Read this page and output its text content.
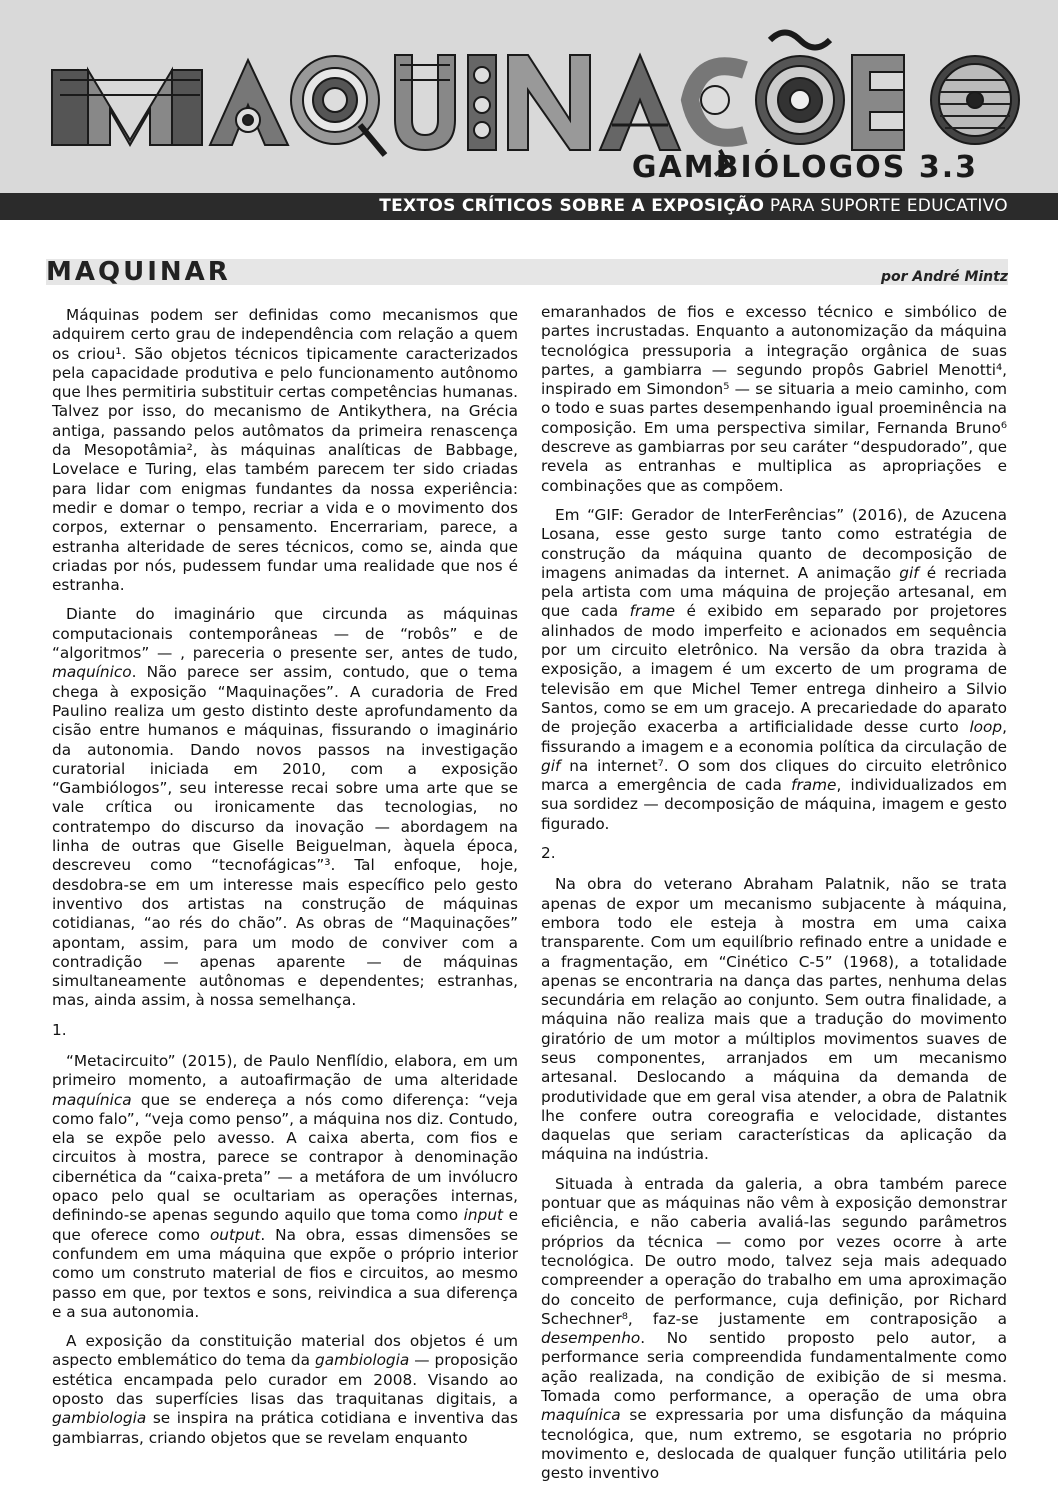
GAMBIÓLOGOS 3.3
TEXTOS CRÍTICOS SOBRE A EXPOSIÇÃO PARA SUPORTE EDUCATIVO
MAQUINAR	por André Mintz

Máquinas podem ser definidas como mecanismos que adquirem certo grau de independência com relação a quem os criou¹. São objetos técnicos tipicamente caracterizados pela capacidade produtiva e pelo funcionamento autônomo que lhes permitiria substituir certas competências humanas. Talvez por isso, do mecanismo de Antikythera, na Grécia antiga, passando pelos autômatos da primeira renascença da Mesopotâmia², às máquinas analíticas de Babbage, Lovelace e Turing, elas também parecem ter sido criadas para lidar com enigmas fundantes da nossa experiência: medir e domar o tempo, recriar a vida e o movimento dos corpos, externar o pensamento. Encerrariam, parece, a estranha alteridade de seres técnicos, como se, ainda que criadas por nós, pudessem fundar uma realidade que nos é estranha.

Diante do imaginário que circunda as máquinas computacionais contemporâneas — de “robôs” e de “algoritmos” — , pareceria o presente ser, antes de tudo, maquínico. Não parece ser assim, contudo, que o tema chega à exposição “Maquinações”. A curadoria de Fred Paulino realiza um gesto distinto deste aprofundamento da cisão entre humanos e máquinas, fissurando o imaginário da autonomia. Dando novos passos na investigação curatorial iniciada em 2010, com a exposição “Gambiólogos”, seu interesse recai sobre uma arte que se vale crítica ou ironicamente das tecnologias, no contratempo do discurso da inovação — abordagem na linha de outras que Giselle Beiguelman, àquela época, descreveu como “tecnofágicas”³. Tal enfoque, hoje, desdobra-se em um interesse mais específico pelo gesto inventivo dos artistas na construção de máquinas cotidianas, “ao rés do chão”. As obras de “Maquinações” apontam, assim, para um modo de conviver com a contradição — apenas aparente — de máquinas simultaneamente autônomas e dependentes; estranhas, mas, ainda assim, à nossa semelhança.

1.

“Metacircuito” (2015), de Paulo Nenflídio, elabora, em um primeiro momento, a autoafirmação de uma alteridade maquínica que se endereça a nós como diferença: “veja como falo”, “veja como penso”, a máquina nos diz. Contudo, ela se expõe pelo avesso. A caixa aberta, com fios e circuitos à mostra, parece se contrapor à denominação cibernética da “caixa-preta” — a metáfora de um invólucro opaco pelo qual se ocultariam as operações internas, definindo-se apenas segundo aquilo que toma como input e que oferece como output. Na obra, essas dimensões se confundem em uma máquina que expõe o próprio interior como um construto material de fios e circuitos, ao mesmo passo em que, por textos e sons, reivindica a sua diferença e a sua autonomia.

A exposição da constituição material dos objetos é um aspecto emblemático do tema da gambiologia — proposição estética encampada pelo curador em 2008. Visando ao oposto das superfícies lisas das traquitanas digitais, a gambiologia se inspira na prática cotidiana e inventiva das gambiarras, criando objetos que se revelam enquanto

emaranhados de fios e excesso técnico e simbólico de partes incrustadas. Enquanto a autonomização da máquina tecnológica pressuporia a integração orgânica de suas partes, a gambiarra — segundo propôs Gabriel Menotti⁴, inspirado em Simondon⁵ — se situaria a meio caminho, com o todo e suas partes desempenhando igual proeminência na composição. Em uma perspectiva similar, Fernanda Bruno⁶ descreve as gambiarras por seu caráter “despudorado”, que revela as entranhas e multiplica as apropriações e combinações que as compõem.

Em “GIF: Gerador de InterFerências” (2016), de Azucena Losana, esse gesto surge tanto como estratégia de construção da máquina quanto de decomposição de imagens animadas da internet. A animação gif é recriada pela artista com uma máquina de projeção artesanal, em que cada frame é exibido em separado por projetores alinhados de modo imperfeito e acionados em sequência por um circuito eletrônico. Na versão da obra trazida à exposição, a imagem é um excerto de um programa de televisão em que Michel Temer entrega dinheiro a Silvio Santos, como se em um gracejo. A precariedade do aparato de projeção exacerba a artificialidade desse curto loop, fissurando a imagem e a economia política da circulação de gif na internet⁷. O som dos cliques do circuito eletrônico marca a emergência de cada frame, individualizados em sua sordidez — decomposição de máquina, imagem e gesto figurado.

2.

Na obra do veterano Abraham Palatnik, não se trata apenas de expor um mecanismo subjacente à máquina, embora todo ele esteja à mostra em uma caixa transparente. Com um equilíbrio refinado entre a unidade e a fragmentação, em “Cinético C-5” (1968), a totalidade apenas se encontraria na dança das partes, nenhuma delas secundária em relação ao conjunto. Sem outra finalidade, a máquina não realiza mais que a tradução do movimento giratório de um motor a múltiplos movimentos suaves de seus componentes, arranjados em um mecanismo artesanal. Deslocando a máquina da demanda de produtividade que em geral visa atender, a obra de Palatnik lhe confere outra coreografia e velocidade, distantes daquelas que seriam características da aplicação da máquina na indústria.

Situada à entrada da galeria, a obra também parece pontuar que as máquinas não vêm à exposição demonstrar eficiência, e não caberia avaliá-las segundo parâmetros próprios da técnica — como por vezes ocorre à arte tecnológica. De outro modo, talvez seja mais adequado compreender a operação do trabalho em uma aproximação do conceito de performance, cuja definição, por Richard Schechner⁸, faz-se justamente em contraposição a desempenho. No sentido proposto pelo autor, a performance seria compreendida fundamentalmente como ação realizada, na condição de exibição de si mesma. Tomada como performance, a operação de uma obra maquínica se expressaria por uma disfunção da máquina tecnológica, que, num extremo, se esgotaria no próprio movimento e, deslocada de qualquer função utilitária pelo gesto inventivo
